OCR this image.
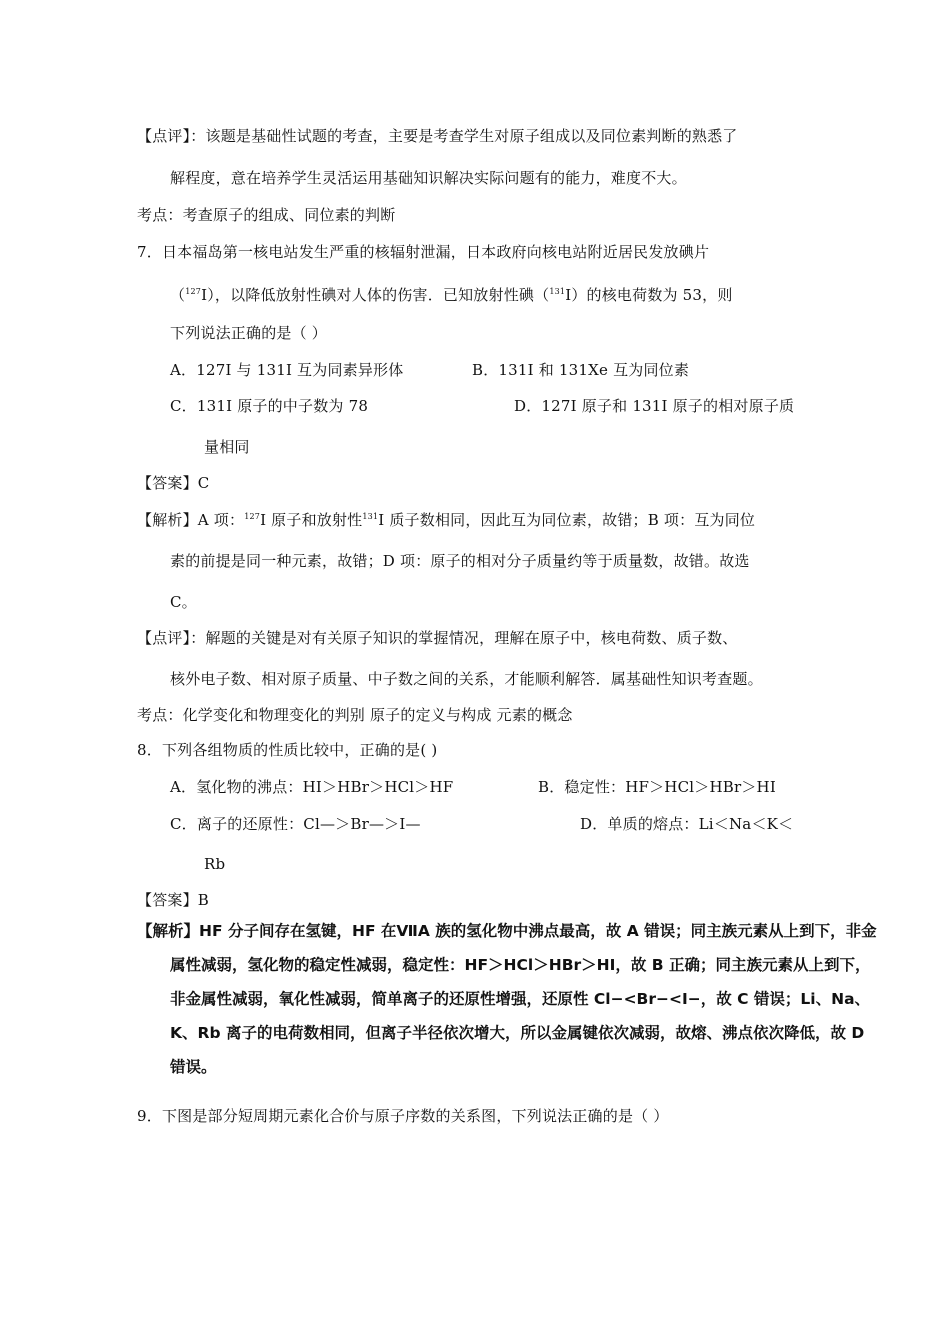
【点评】：该题是基础性试题的考查，主要是考查学生对原子组成以及同位素判断的熟悉了
解程度，意在培养学生灵活运用基础知识解决实际问题有的能力，难度不大。
考点：考查原子的组成、同位素的判断
7．日本福岛第一核电站发生严重的核辐射泄漏，日本政府向核电站附近居民发放碘片
（$^{127}$I），以降低放射性碘对人体的伤害．已知放射性碘（$^{131}$I）的核电荷数为 53，则
下列说法正确的是（ ）
A．127I 与 131I 互为同素异形体	B．131I 和 131Xe 互为同位素
C．131I 原子的中子数为 78	D．127I 原子和 131I 原子的相对原子质
量相同
【答案】C
【解析】A 项：$^{127}$I 原子和放射性$^{131}$I 质子数相同，因此互为同位素，故错；B 项：互为同位
素的前提是同一种元素，故错；D 项：原子的相对分子质量约等于质量数，故错。故选
C。
【点评】：解题的关键是对有关原子知识的掌握情况，理解在原子中，核电荷数、质子数、
核外电子数、相对原子质量、中子数之间的关系，才能顺利解答．属基础性知识考查题。
考点：化学变化和物理变化的判别 原子的定义与构成 元素的概念
8．下列各组物质的性质比较中，正确的是( )
A．氢化物的沸点：HI＞HBr＞HCl＞HF	B．稳定性：HF＞HCl＞HBr＞HI
C．离子的还原性：Cl—＞Br—＞I—	D．单质的熔点：Li＜Na＜K＜
Rb
【答案】B
【解析】HF 分子间存在氢键，HF 在ⅦA 族的氢化物中沸点最高，故 A 错误；同主族元素从上到下，非金
属性减弱，氢化物的稳定性减弱，稳定性：HF＞HCl＞HBr＞HI，故 B 正确；同主族元素从上到下，
非金属性减弱，氧化性减弱，简单离子的还原性增强，还原性 Cl−<Br−<I−，故 C 错误；Li、Na、
K、Rb 离子的电荷数相同，但离子半径依次增大，所以金属键依次减弱，故熔、沸点依次降低，故 D
错误。
9．下图是部分短周期元素化合价与原子序数的关系图，下列说法正确的是（ ）
